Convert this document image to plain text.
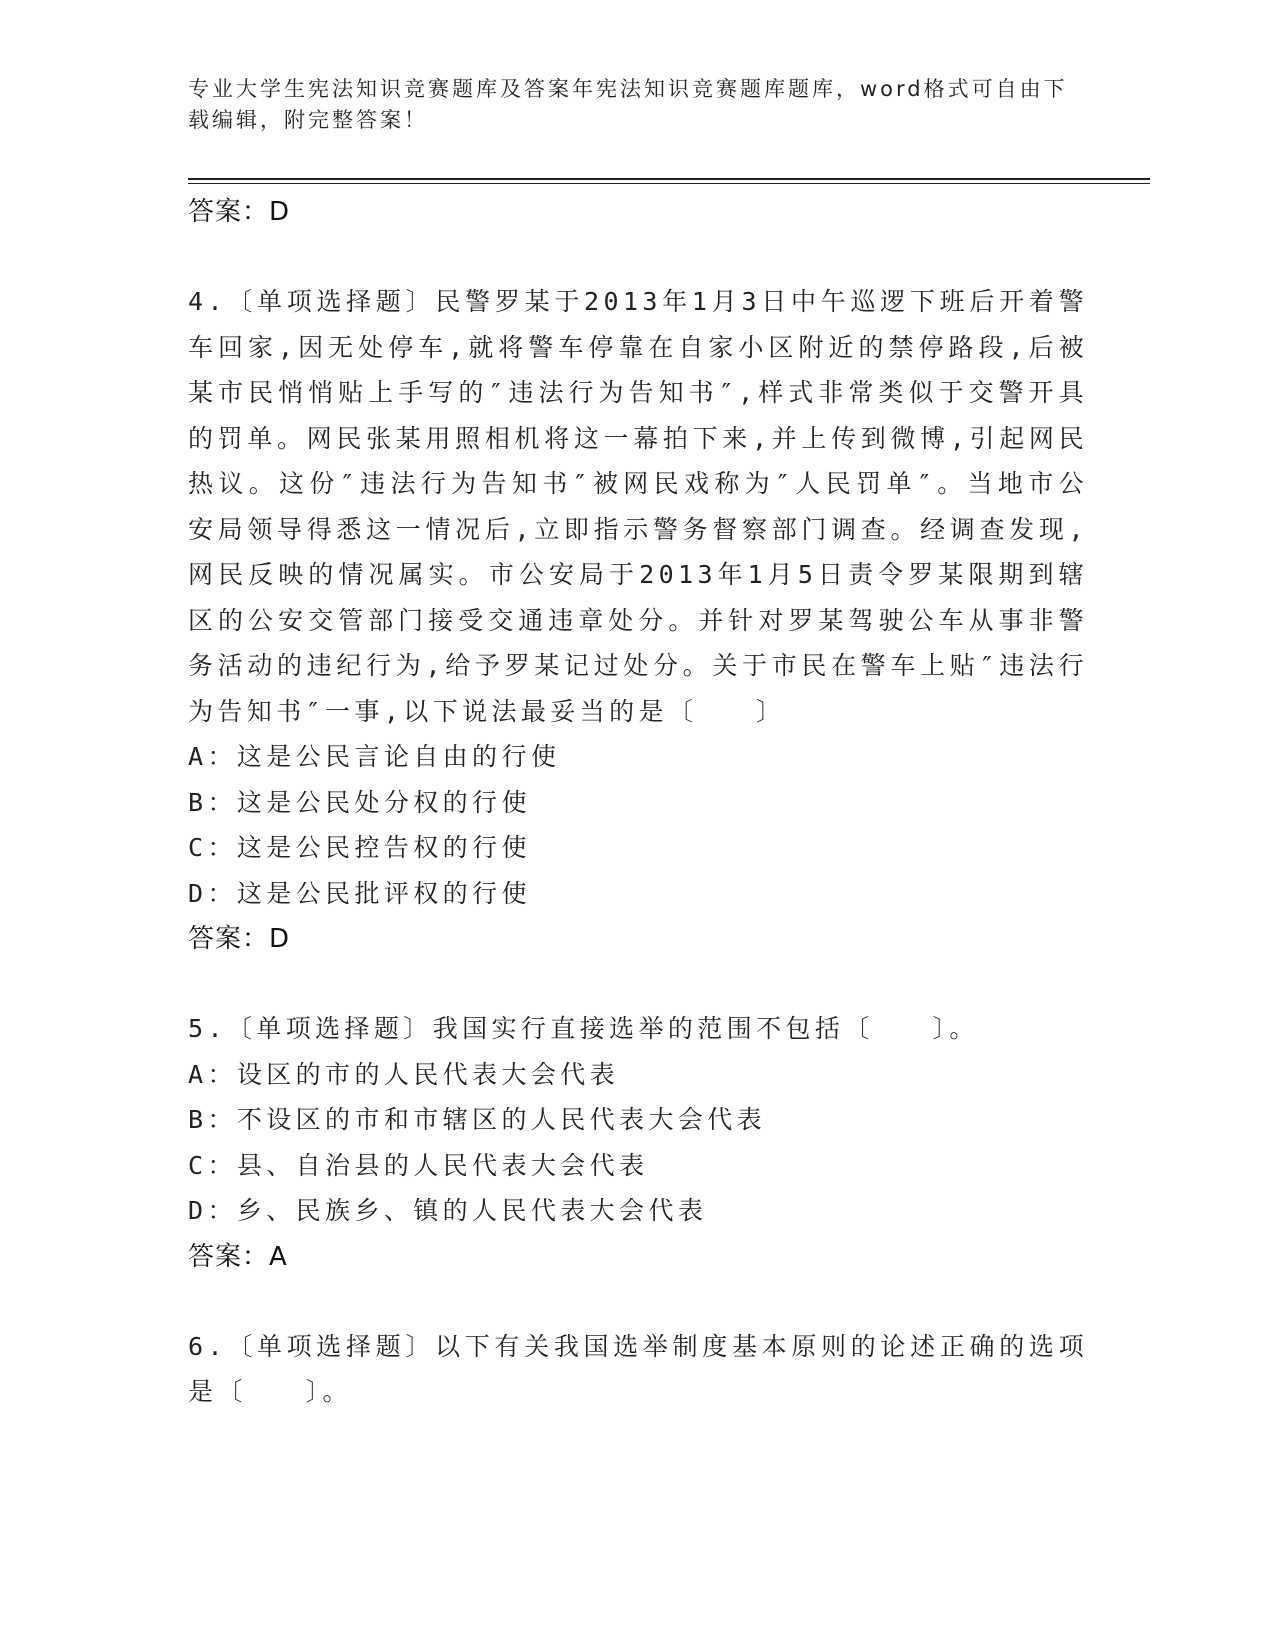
专业大学生宪法知识竞赛题库及答案年宪法知识竞赛题库题库，word格式可自由下载编辑，附完整答案！
答案：D
4.〔单项选择题〕民警罗某于2013年1月3日中午巡逻下班后开着警车回家,因无处停车,就将警车停靠在自家小区附近的禁停路段,后被某市民悄悄贴上手写的″违法行为告知书″,样式非常类似于交警开具的罚单。网民张某用照相机将这一幕拍下来,并上传到微博,引起网民热议。这份″违法行为告知书″被网民戏称为″人民罚单″。当地市公安局领导得悉这一情况后,立即指示警务督察部门调查。经调查发现,网民反映的情况属实。市公安局于2013年1月5日责令罗某限期到辖区的公安交管部门接受交通违章处分。并针对罗某驾驶公车从事非警务活动的违纪行为,给予罗某记过处分。关于市民在警车上贴″违法行为告知书″一事,以下说法最妥当的是〔　　〕
A：这是公民言论自由的行使
B：这是公民处分权的行使
C：这是公民控告权的行使
D：这是公民批评权的行使
答案：D
5.〔单项选择题〕我国实行直接选举的范围不包括〔　　〕。
A：设区的市的人民代表大会代表
B：不设区的市和市辖区的人民代表大会代表
C：县、自治县的人民代表大会代表
D：乡、民族乡、镇的人民代表大会代表
答案：A
6.〔单项选择题〕以下有关我国选举制度基本原则的论述正确的选项是〔　　〕。
